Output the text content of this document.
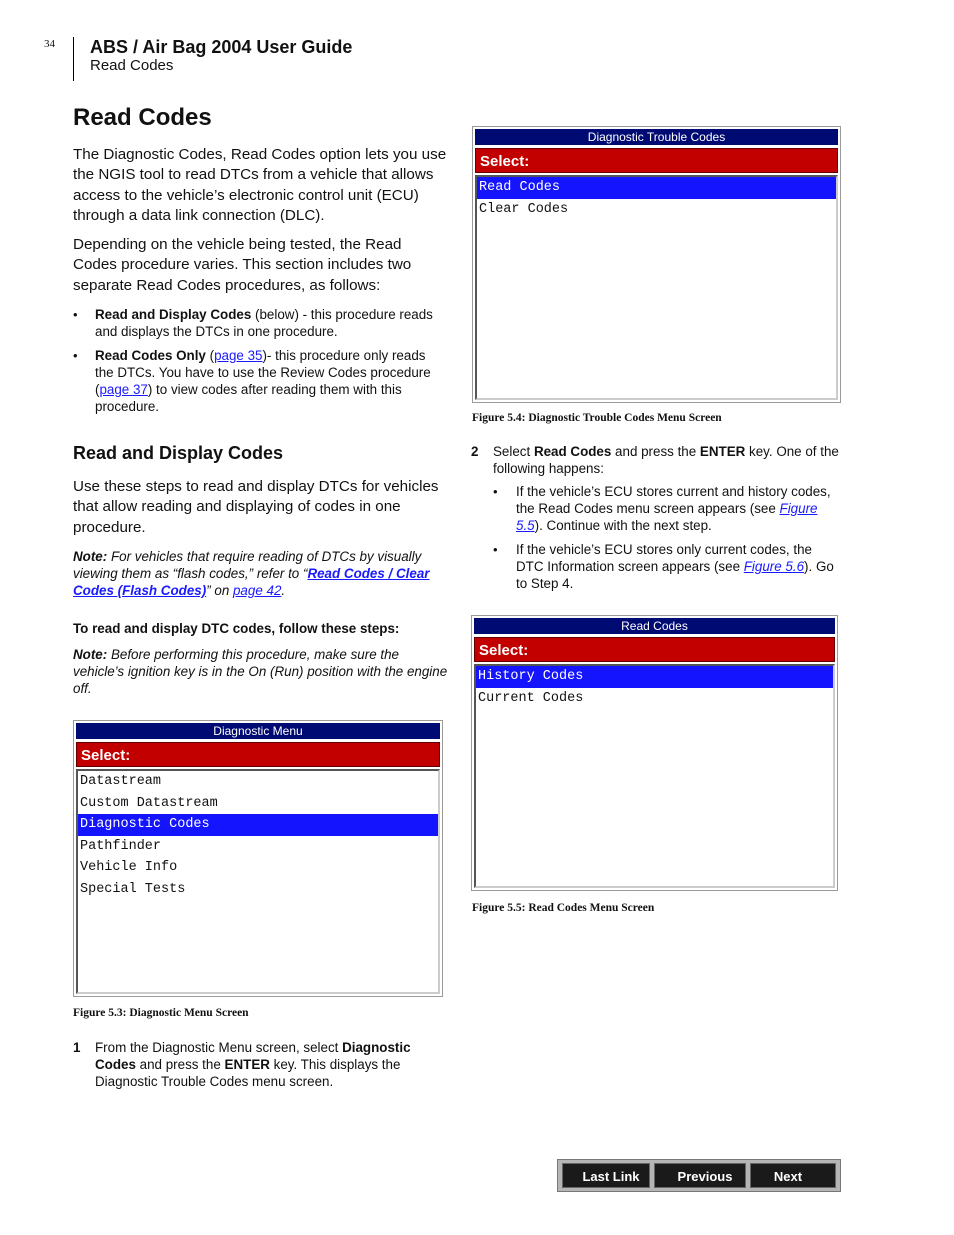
34 ABS / Air Bag 2004 User Guide
Read Codes
Read Codes
The Diagnostic Codes, Read Codes option lets you use the NGIS tool to read DTCs from a vehicle that allows access to the vehicle’s electronic control unit (ECU) through a data link connection (DLC).
Depending on the vehicle being tested, the Read Codes procedure varies. This section includes two separate Read Codes procedures, as follows:
• Read and Display Codes (below) - this procedure reads and displays the DTCs in one procedure.
• Read Codes Only (page 35)- this procedure only reads the DTCs. You have to use the Review Codes procedure (page 37) to view codes after reading them with this procedure.
Read and Display Codes
Use these steps to read and display DTCs for vehicles that allow reading and displaying of codes in one procedure.
Note: For vehicles that require reading of DTCs by visually viewing them as “flash codes,” refer to “Read Codes / Clear Codes (Flash Codes)” on page 42.
To read and display DTC codes, follow these steps:
Note: Before performing this procedure, make sure the vehicle’s ignition key is in the On (Run) position with the engine off.
Diagnostic Menu
Select:
Datastream
Custom Datastream
Diagnostic Codes
Pathfinder
Vehicle Info
Special Tests
Figure 5.3: Diagnostic Menu Screen
1 From the Diagnostic Menu screen, select Diagnostic Codes and press the ENTER key. This displays the Diagnostic Trouble Codes menu screen.
Diagnostic Trouble Codes
Select:
Read Codes
Clear Codes
Figure 5.4: Diagnostic Trouble Codes Menu Screen
2 Select Read Codes and press the ENTER key. One of the following happens:
• If the vehicle’s ECU stores current and history codes, the Read Codes menu screen appears (see Figure 5.5). Continue with the next step.
• If the vehicle’s ECU stores only current codes, the DTC Information screen appears (see Figure 5.6). Go to Step 4.
Read Codes
Select:
History Codes
Current Codes
Figure 5.5: Read Codes Menu Screen
Last Link	Previous	Next
